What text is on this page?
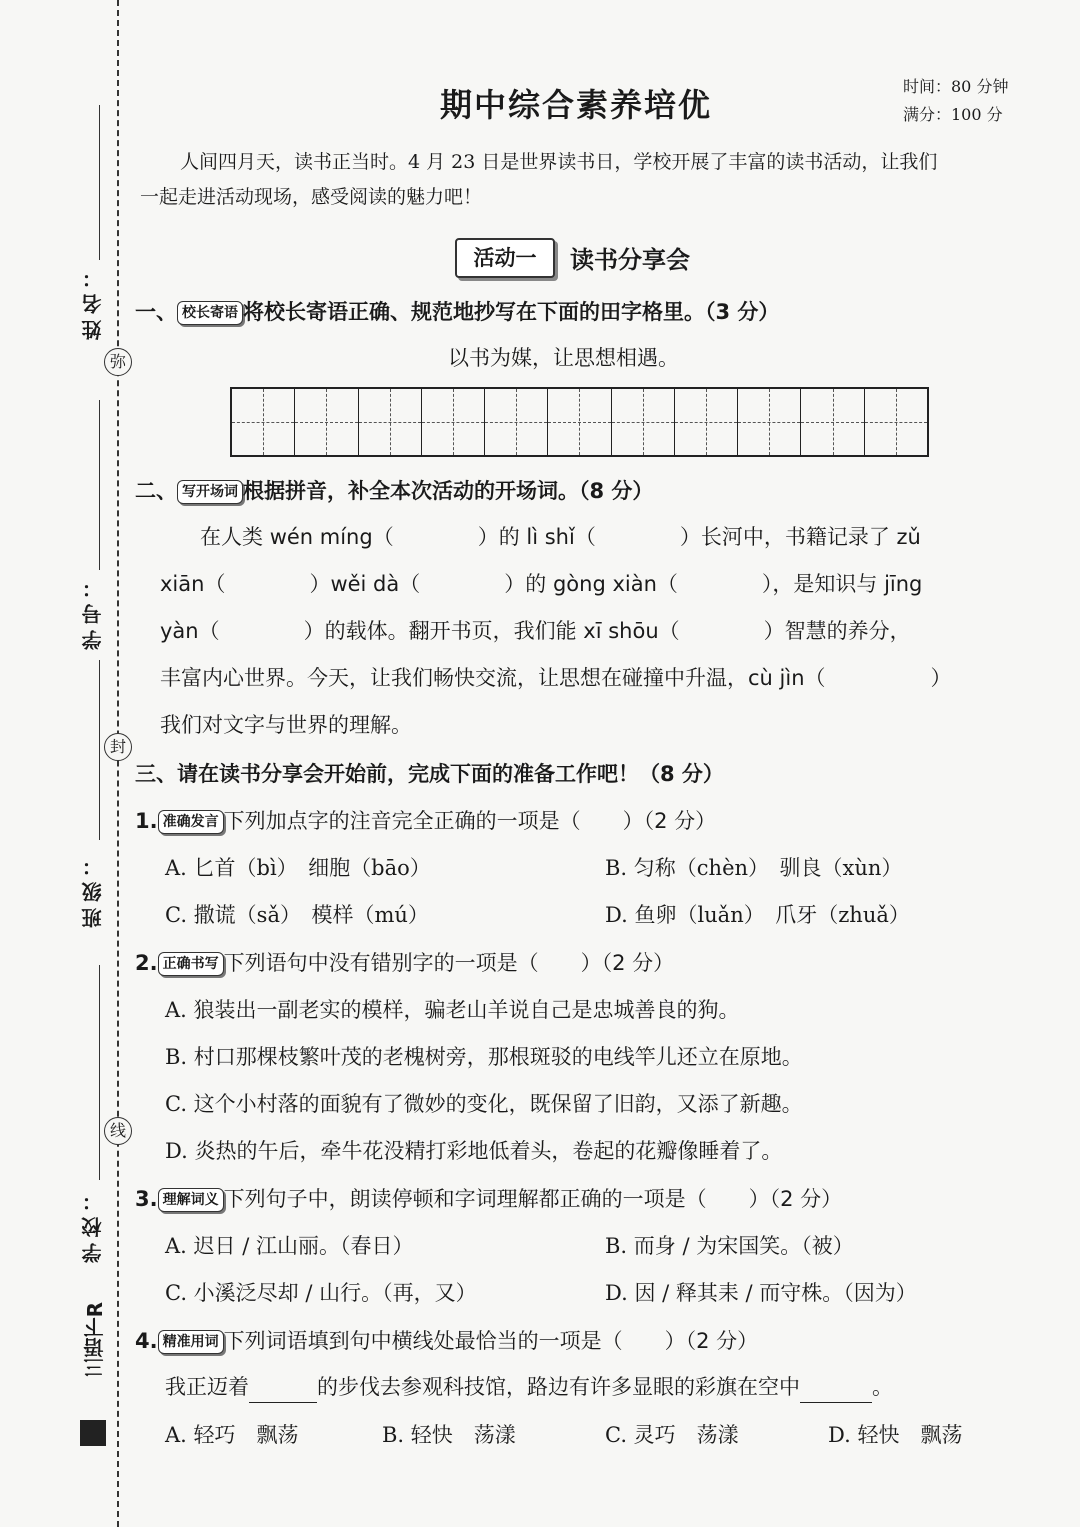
姓名：
学号：
班级：
学校：
弥
封
线
三语下R
期中综合素养培优	时间：80 分钟
满分：100 分
人间四月天，读书正当时。4 月 23 日是世界读书日，学校开展了丰富的读书活动，让我们
一起走进活动现场，感受阅读的魅力吧！
活动一	读书分享会
一、 校长寄语 将校长寄语正确、规范地抄写在下面的田字格里。（3 分）
以书为媒，让思想相遇。
二、 写开场词 根据拼音，补全本次活动的开场词。（8 分）
在人类 wén míng（　　　　）的 lì shǐ（　　　　）长河中，书籍记录了 zǔ
xiān（　　　　）wěi dà（　　　　）的 gòng xiàn（　　　　），是知识与 jīng
yàn（　　　　）的载体。翻开书页，我们能 xī shōu（　　　　）智慧的养分，
丰富内心世界。今天，让我们畅快交流，让思想在碰撞中升温，cù jìn（　　　　　）
我们对文字与世界的理解。
三、请在读书分享会开始前，完成下面的准备工作吧！（8 分）
1. 准确发言 下列加点字的注音完全正确的一项是（　　）（2 分）
A. 匕首（bì）　细胞（bāo）	B. 匀称（chèn）　驯良（xùn）
C. 撒谎（sǎ）　模样（mú）	D. 鱼卵（luǎn）　爪牙（zhuǎ）
2. 正确书写 下列语句中没有错别字的一项是（　　）（2 分）
A. 狼装出一副老实的模样，骗老山羊说自己是忠城善良的狗。
B. 村口那棵枝繁叶茂的老槐树旁，那根斑驳的电线竿儿还立在原地。
C. 这个小村落的面貌有了微妙的变化，既保留了旧韵，又添了新趣。
D. 炎热的午后，牵牛花没精打彩地低着头，卷起的花瓣像睡着了。
3. 理解词义 下列句子中，朗读停顿和字词理解都正确的一项是（　　）（2 分）
A. 迟日 / 江山丽。（春日）	B. 而身 / 为宋国笑。（被）
C. 小溪泛尽却 / 山行。（再，又）	D. 因 / 释其耒 / 而守株。（因为）
4. 精准用词 下列词语填到句中横线处最恰当的一项是（　　）（2 分）
我正迈着	的步伐去参观科技馆，路边有许多显眼的彩旗在空中	。
A. 轻巧　飘荡	B. 轻快　荡漾	C. 灵巧　荡漾	D. 轻快　飘荡
